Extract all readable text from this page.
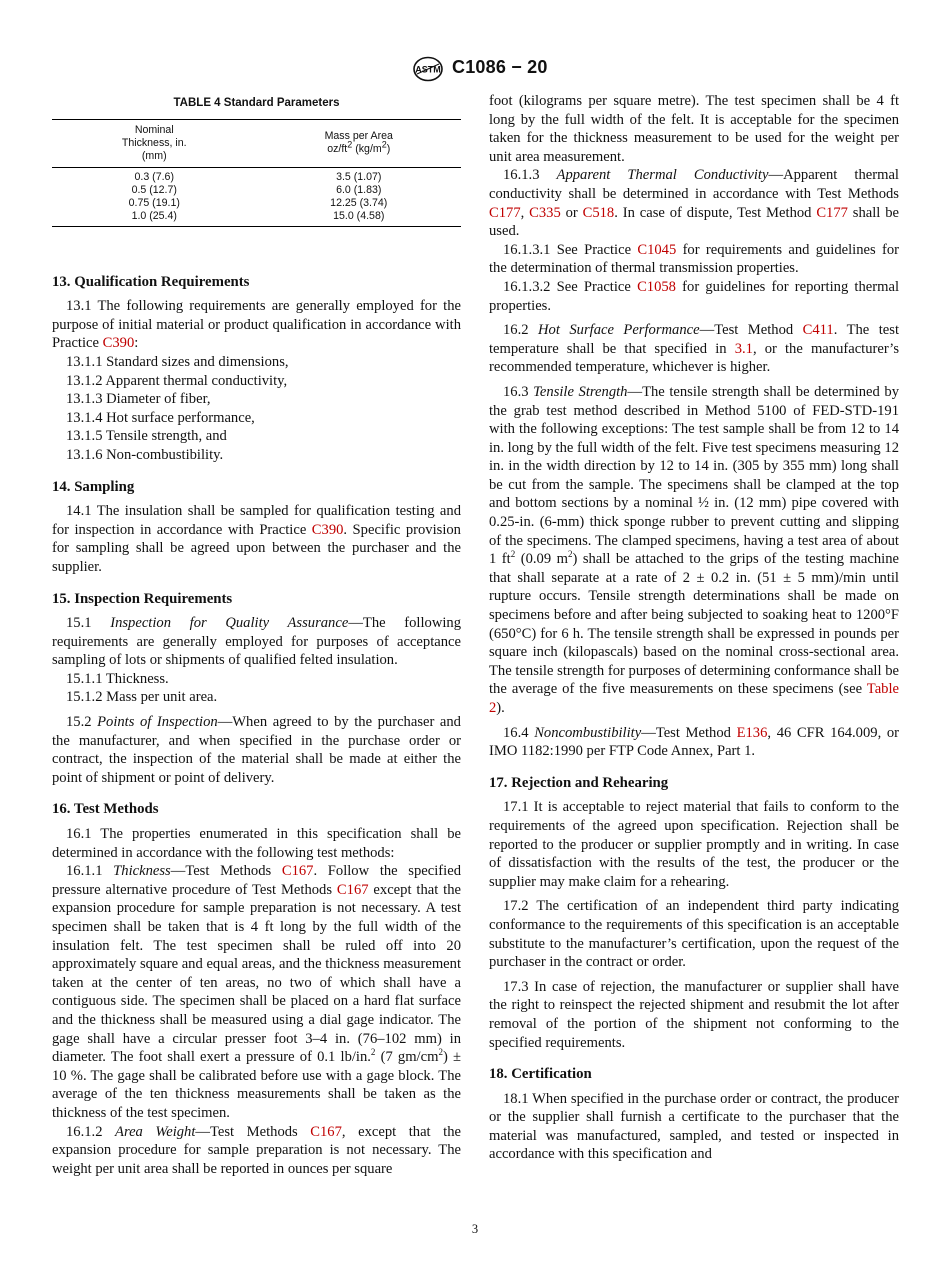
ASTM C1086 − 20
TABLE 4 Standard Parameters
Nominal Thickness, in. (mm)	Mass per Area
$oz/ft^2$ $(kg/m^2)$

0.3 (7.6)	3.5 (1.07)
0.5 (12.7)	6.0 (1.83)
0.75 (19.1)	12.25 (3.74)
1.0 (25.4)	15.0 (4.58)
13. Qualification Requirements

13.1 The following requirements are generally employed for the purpose of initial material or product qualification in accordance with Practice C390:

13.1.1 Standard sizes and dimensions,

13.1.2 Apparent thermal conductivity,

13.1.3 Diameter of fiber,

13.1.4 Hot surface performance,

13.1.5 Tensile strength, and

13.1.6 Non-combustibility.

14. Sampling

14.1 The insulation shall be sampled for qualification testing and for inspection in accordance with Practice C390. Specific provision for sampling shall be agreed upon between the purchaser and the supplier.

15. Inspection Requirements

15.1 Inspection for Quality Assurance—The following requirements are generally employed for purposes of acceptance sampling of lots or shipments of qualified felted insulation.

15.1.1 Thickness.

15.1.2 Mass per unit area.

15.2 Points of Inspection—When agreed to by the purchaser and the manufacturer, and when specified in the purchase order or contract, the inspection of the material shall be made at either the point of shipment or point of delivery.

16. Test Methods

16.1 The properties enumerated in this specification shall be determined in accordance with the following test methods:

16.1.1 Thickness—Test Methods C167. Follow the specified pressure alternative procedure of Test Methods C167 except that the expansion procedure for sample preparation is not necessary. A test specimen shall be taken that is 4 ft long by the full width of the insulation felt. The test specimen shall be ruled off into 20 approximately square and equal areas, and the thickness measurement taken at the center of ten areas, no two of which shall have a contiguous side. The specimen shall be placed on a hard flat surface and the thickness shall be measured using a dial gage indicator. The gage shall have a circular presser foot 3–4 in. (76–102 mm) in diameter. The foot shall exert a pressure of 0.1 lb/in.$^2$ (7 $gm/cm^2) \pm 10$ %. The gage shall be calibrated before use with a gage block. The average of the ten thickness measurements shall be taken as the thickness of the test specimen.

16.1.2 Area Weight—Test Methods C167, except that the expansion procedure for sample preparation is not necessary. The weight per unit area shall be reported in ounces per square

foot (kilograms per square metre). The test specimen shall be 4 ft long by the full width of the felt. It is acceptable for the specimen taken for the thickness measurement to be used for the weight per unit area measurement.

16.1.3 Apparent Thermal Conductivity—Apparent thermal conductivity shall be determined in accordance with Test Methods C177, C335 or C518. In case of dispute, Test Method C177 shall be used.

16.1.3.1 See Practice C1045 for requirements and guidelines for the determination of thermal transmission properties.

16.1.3.2 See Practice C1058 for guidelines for reporting thermal properties.

16.2 Hot Surface Performance—Test Method C411. The test temperature shall be that specified in 3.1, or the manufacturer’s recommended temperature, whichever is higher.

16.3 Tensile Strength—The tensile strength shall be determined by the grab test method described in Method 5100 of FED-STD-191 with the following exceptions: The test sample shall be from 12 to 14 in. long by the full width of the felt. Five test specimens measuring 12 in. in the width direction by 12 to 14 in. (305 by 355 mm) long shall be cut from the sample. The specimens shall be clamped at the top and bottom sections by a nominal ½ in. (12 mm) pipe covered with 0.25-in. (6-mm) thick sponge rubber to prevent cutting and slipping of the specimens. The clamped specimens, having a test area of about 1 $ft^2$ (0.09 $m^2$) shall be attached to the grips of the testing machine that shall separate at a rate of 2 ± 0.2 in. (51 ± 5 mm)/min until rupture occurs. Tensile strength determinations shall be made on specimens before and after being subjected to soaking heat to 1200°F (650°C) for 6 h. The tensile strength shall be expressed in pounds per square inch (kilopascals) based on the nominal cross-sectional area. The tensile strength for purposes of determining conformance shall be the average of the five measurements on these specimens (see Table 2).

16.4 Noncombustibility—Test Method E136, 46 CFR 164.009, or IMO 1182:1990 per FTP Code Annex, Part 1.

17. Rejection and Rehearing

17.1 It is acceptable to reject material that fails to conform to the requirements of the agreed upon specification. Rejection shall be reported to the producer or supplier promptly and in writing. In case of dissatisfaction with the results of the test, the producer or the supplier may make claim for a rehearing.

17.2 The certification of an independent third party indicating conformance to the requirements of this specification is an acceptable substitute to the manufacturer’s certification, upon the request of the purchaser in the contract or order.

17.3 In case of rejection, the manufacturer or supplier shall have the right to reinspect the rejected shipment and resubmit the lot after removal of the portion of the shipment not conforming to the specified requirements.

18. Certification

18.1 When specified in the purchase order or contract, the producer or the supplier shall furnish a certificate to the purchaser that the material was manufactured, sampled, and tested or inspected in accordance with this specification and

3
